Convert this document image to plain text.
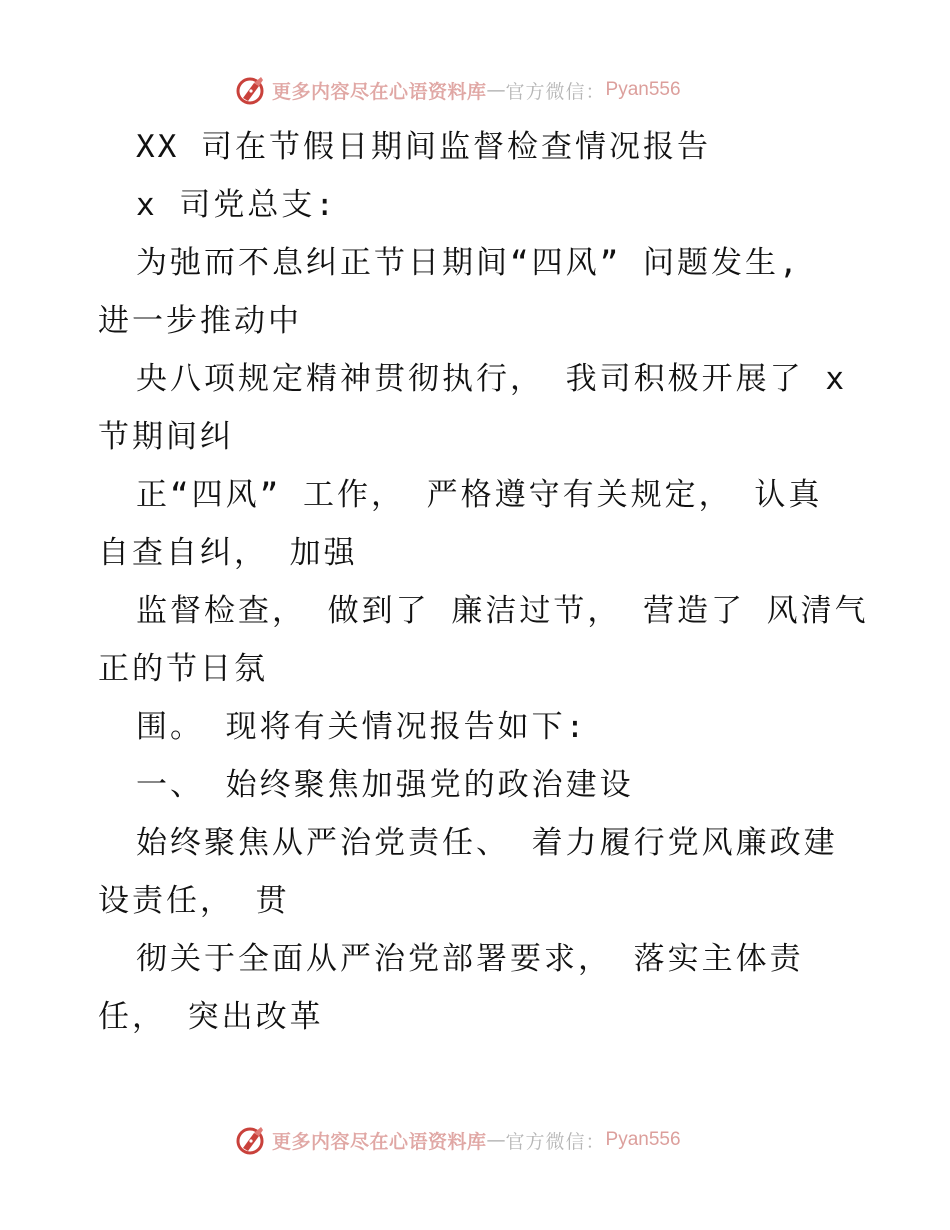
更多内容尽在心语资料库 — 官方微信： Pyan556
XX 司在节假日期间监督检查情况报告
x 司党总支:
为弛而不息纠正节日期间“四风” 问题发生,
进一步推动中
央八项规定精神贯彻执行， 我司积极开展了 x
节期间纠
正“四风” 工作， 严格遵守有关规定， 认真
自查自纠， 加强
监督检查， 做到了 廉洁过节， 营造了 风清气
正的节日氛
围。 现将有关情况报告如下:
一、 始终聚焦加强党的政治建设
始终聚焦从严治党责任、 着力履行党风廉政建
设责任， 贯
彻关于全面从严治党部署要求， 落实主体责
任， 突出改革
更多内容尽在心语资料库 — 官方微信： Pyan556
